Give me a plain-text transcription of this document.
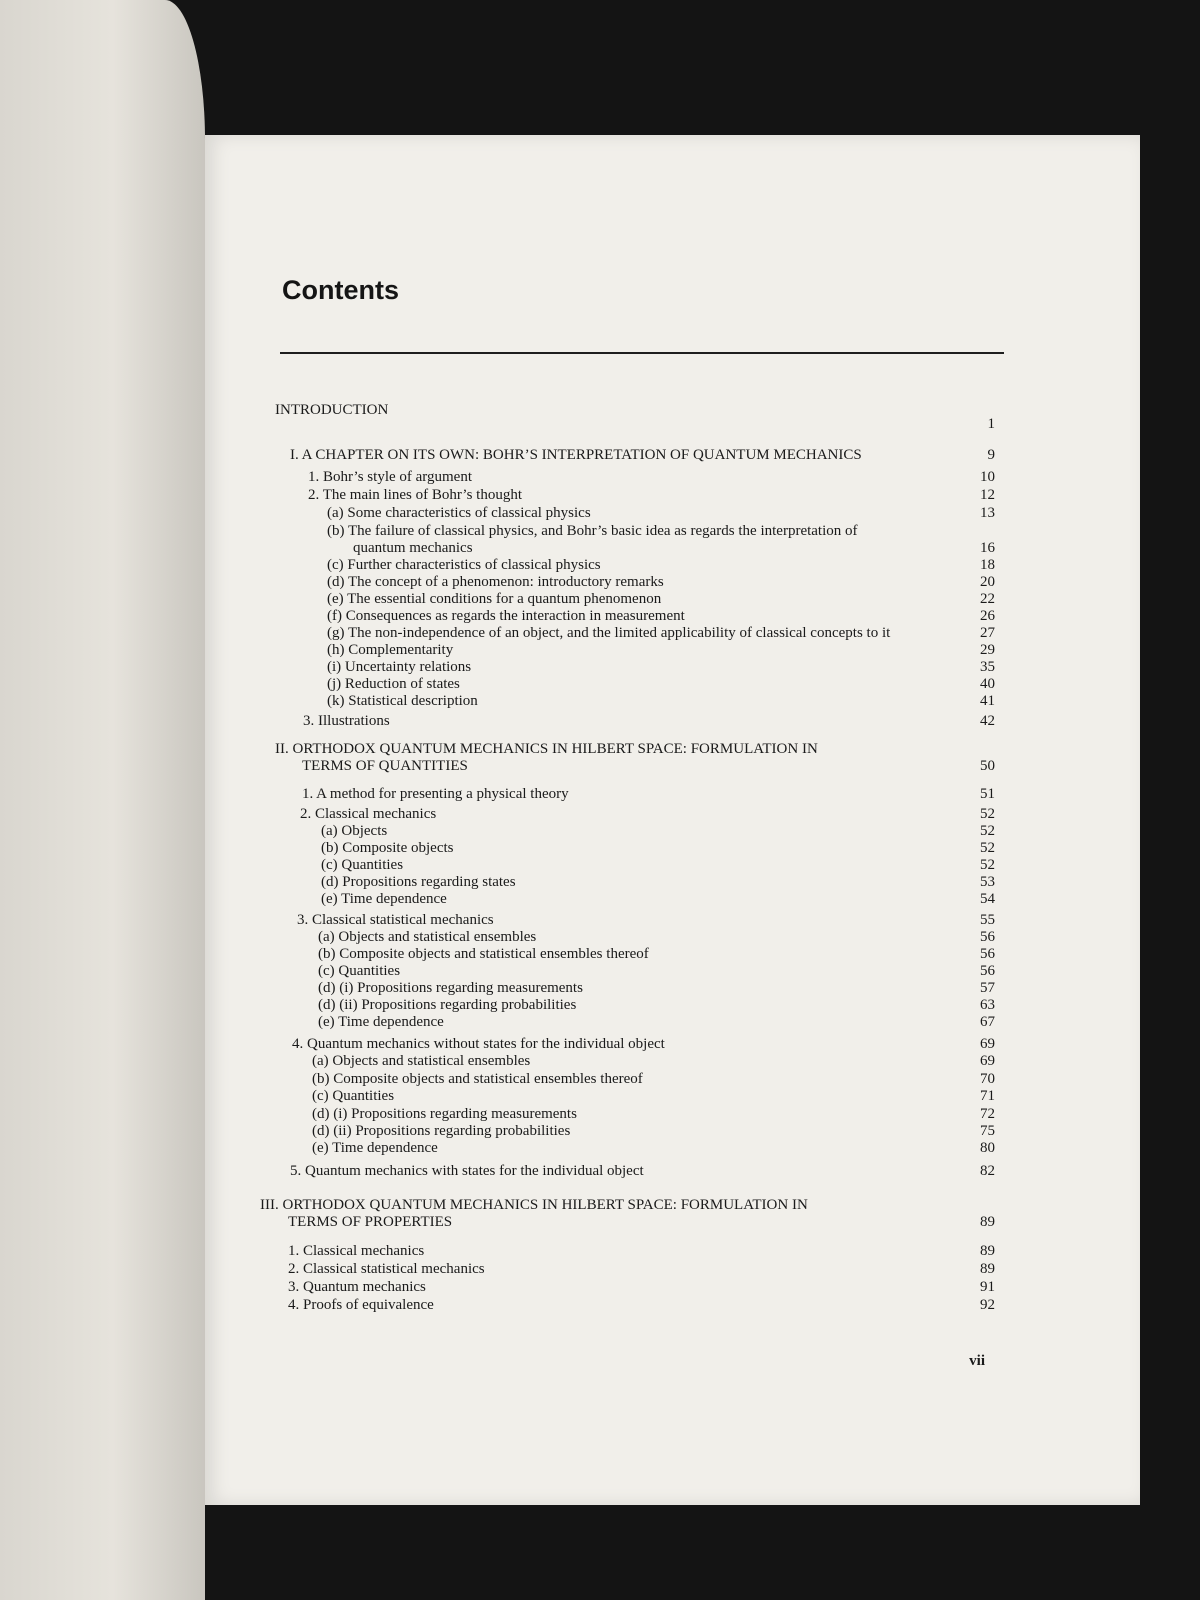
Contents
INTRODUCTION
1
I. A CHAPTER ON ITS OWN: BOHR’S INTERPRETATION OF QUANTUM MECHANICS	9
1. Bohr’s style of argument	10
2. The main lines of Bohr’s thought	12
(a) Some characteristics of classical physics	13
(b) The failure of classical physics, and Bohr’s basic idea as regards the interpretation of
quantum mechanics	16
(c) Further characteristics of classical physics	18
(d) The concept of a phenomenon: introductory remarks	20
(e) The essential conditions for a quantum phenomenon	22
(f) Consequences as regards the interaction in measurement	26
(g) The non-independence of an object, and the limited applicability of classical concepts to it	27
(h) Complementarity	29
(i) Uncertainty relations	35
(j) Reduction of states	40
(k) Statistical description	41
3. Illustrations	42
II. ORTHODOX QUANTUM MECHANICS IN HILBERT SPACE: FORMULATION IN
TERMS OF QUANTITIES	50
1. A method for presenting a physical theory	51
2. Classical mechanics	52
(a) Objects	52
(b) Composite objects	52
(c) Quantities	52
(d) Propositions regarding states	53
(e) Time dependence	54
3. Classical statistical mechanics	55
(a) Objects and statistical ensembles	56
(b) Composite objects and statistical ensembles thereof	56
(c) Quantities	56
(d) (i) Propositions regarding measurements	57
(d) (ii) Propositions regarding probabilities	63
(e) Time dependence	67
4. Quantum mechanics without states for the individual object	69
(a) Objects and statistical ensembles	69
(b) Composite objects and statistical ensembles thereof	70
(c) Quantities	71
(d) (i) Propositions regarding measurements	72
(d) (ii) Propositions regarding probabilities	75
(e) Time dependence	80
5. Quantum mechanics with states for the individual object	82
III. ORTHODOX QUANTUM MECHANICS IN HILBERT SPACE: FORMULATION IN
TERMS OF PROPERTIES	89
1. Classical mechanics	89
2. Classical statistical mechanics	89
3. Quantum mechanics	91
4. Proofs of equivalence	92
vii
